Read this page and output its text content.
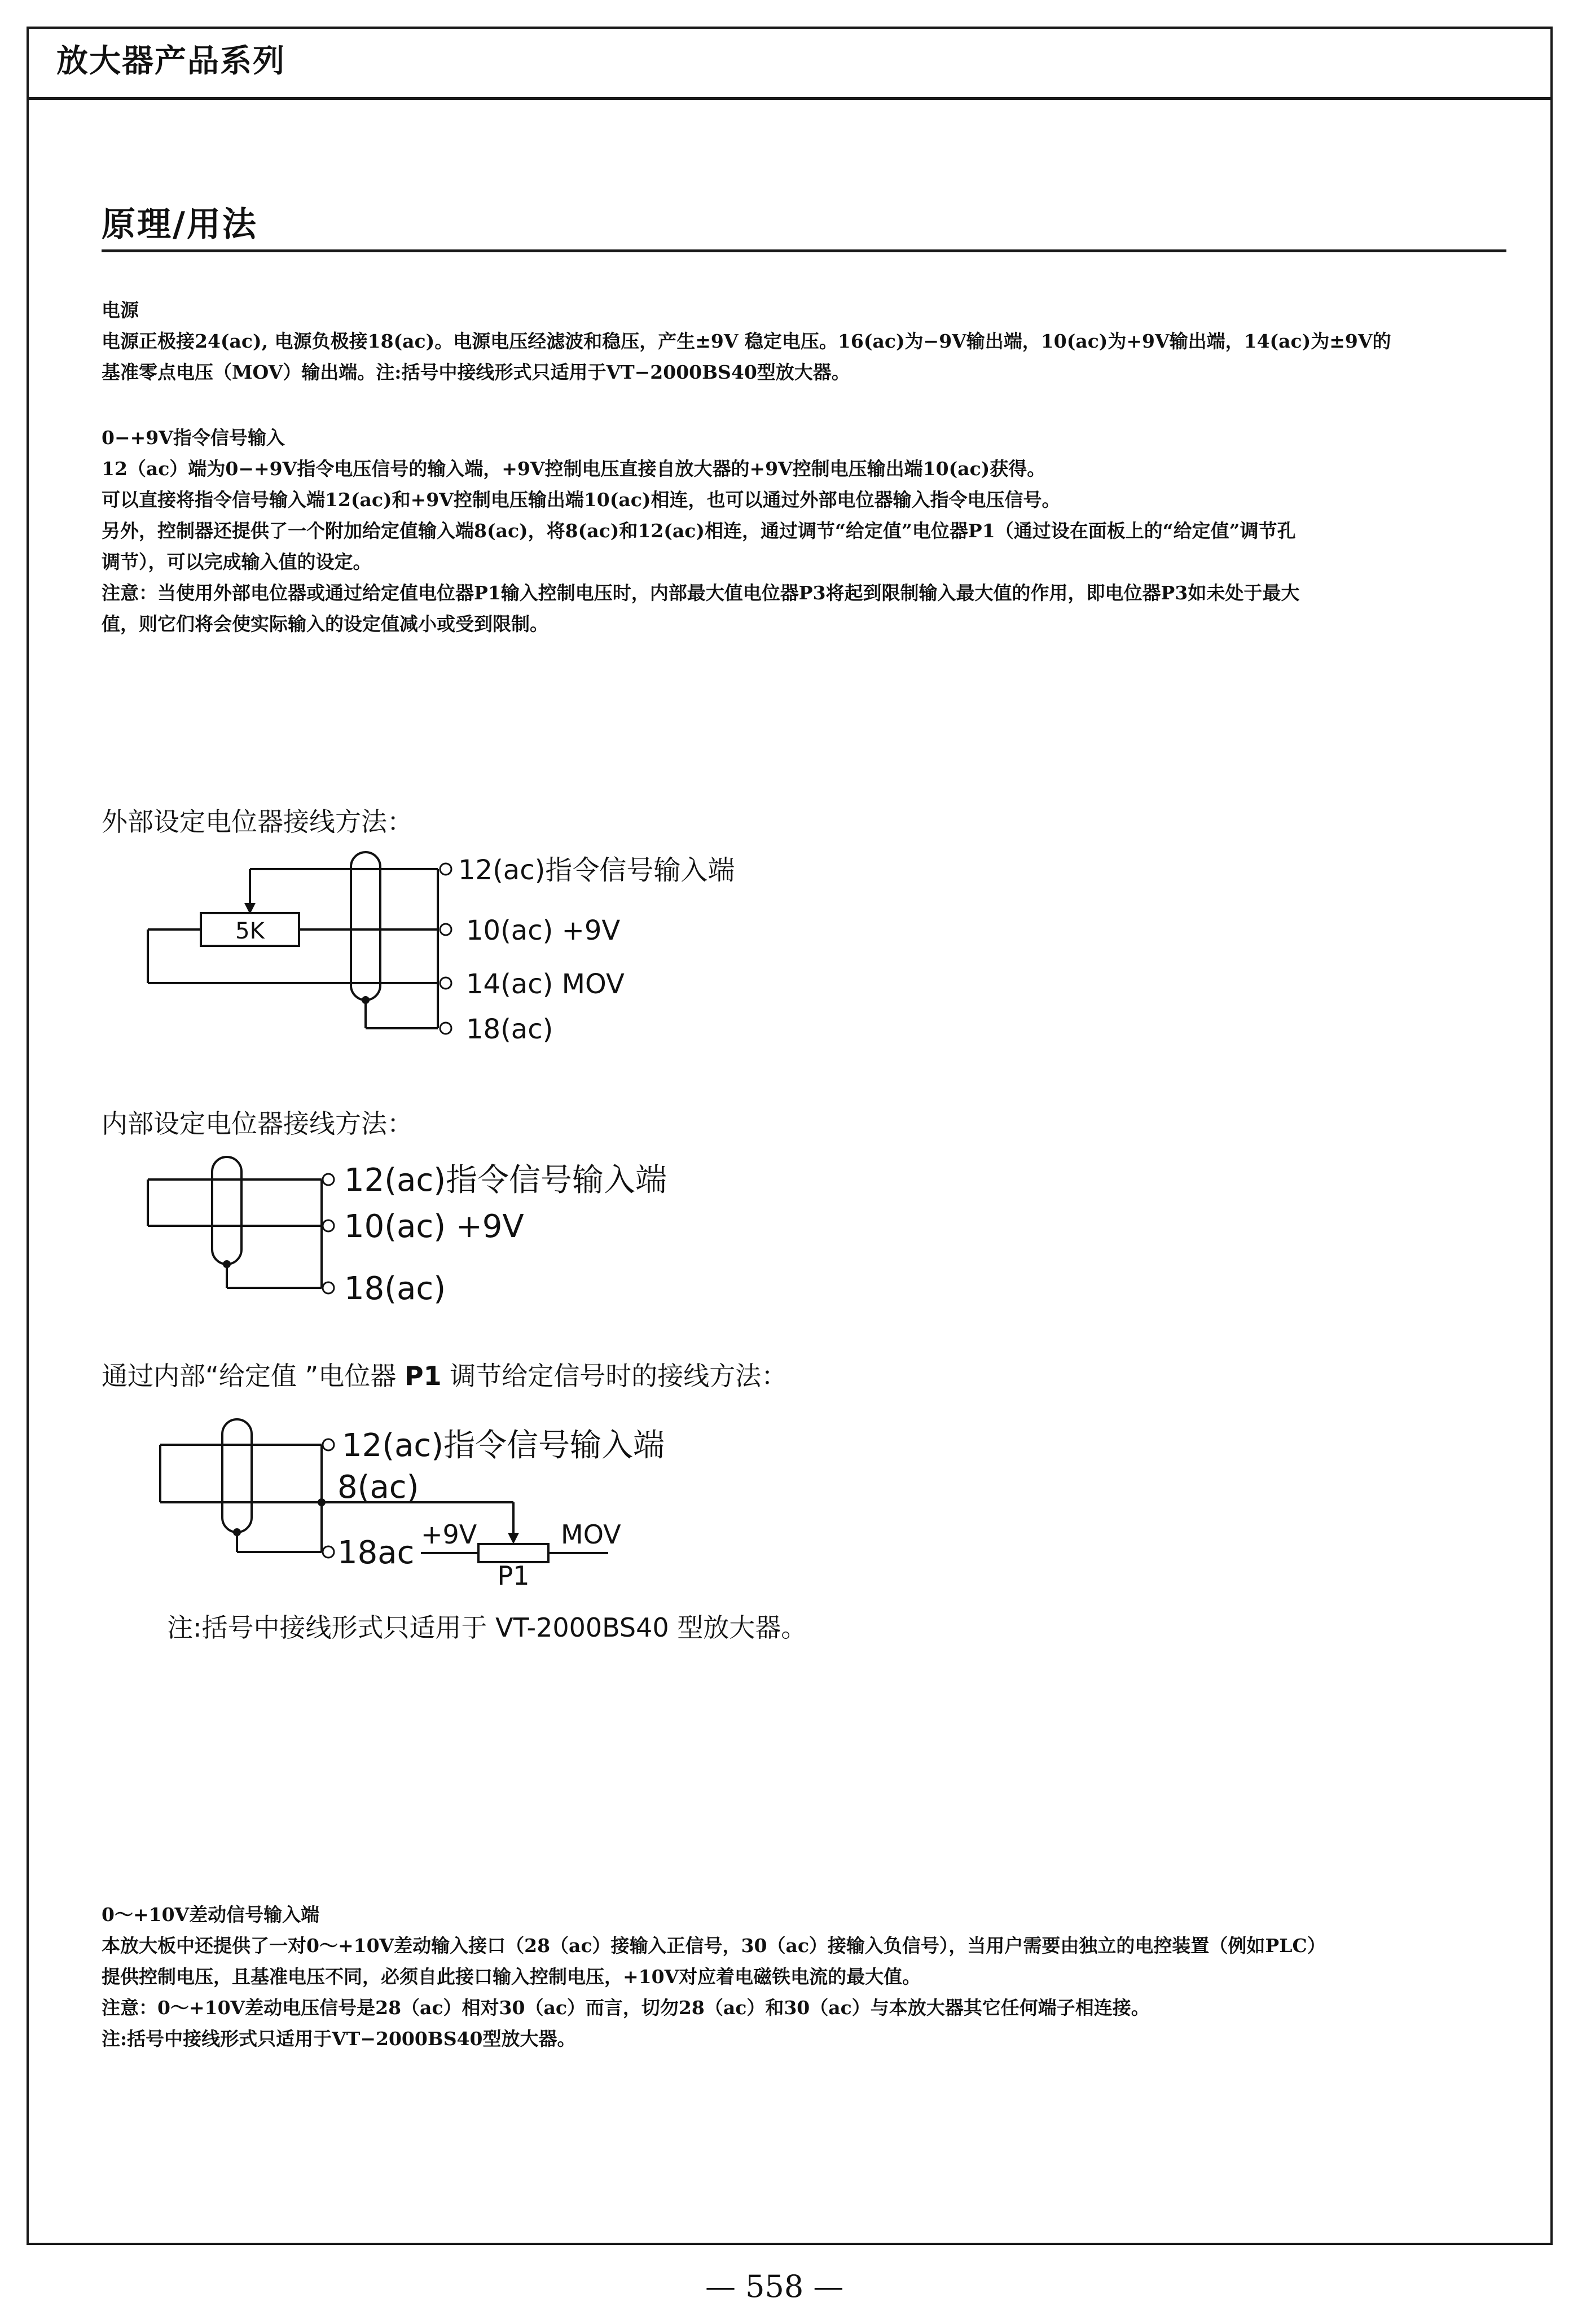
放大器产品系列
原理/用法

电源

电源正极接24(ac), 电源负极接18(ac)。电源电压经滤波和稳压，产生±9V 稳定电压。16(ac)为−9V输出端，10(ac)为+9V输出端，14(ac)为±9V的

基准零点电压（MOV）输出端。注:括号中接线形式只适用于VT−2000BS40型放大器。

0−+9V指令信号输入

12（ac）端为0−+9V指令电压信号的输入端，+9V控制电压直接自放大器的+9V控制电压输出端10(ac)获得。

可以直接将指令信号输入端12(ac)和+9V控制电压输出端10(ac)相连，也可以通过外部电位器输入指令电压信号。

另外，控制器还提供了一个附加给定值输入端8(ac)，将8(ac)和12(ac)相连，通过调节“给定值”电位器P1（通过设在面板上的“给定值”调节孔

调节），可以完成输入值的设定。

注意：当使用外部电位器或通过给定值电位器P1输入控制电压时，内部最大值电位器P3将起到限制输入最大值的作用，即电位器P3如未处于最大

值，则它们将会使实际输入的设定值减小或受到限制。

外部设定电位器接线方法：
5K
12(ac)指令信号输入端
10(ac) +9V
14(ac) MOV
18(ac)
内部设定电位器接线方法：
12(ac)指令信号输入端
10(ac) +9V
18(ac)
通过内部“给定值 ”电位器 P1 调节给定信号时的接线方法：
12(ac)指令信号输入端
8(ac)
18ac +9V	MOV
P1
注:括号中接线形式只适用于 VT-2000BS40 型放大器。

0～+10V差动信号输入端

本放大板中还提供了一对0～+10V差动输入接口（28（ac）接输入正信号，30（ac）接输入负信号），当用户需要由独立的电控装置（例如PLC）

提供控制电压，且基准电压不同，必须自此接口输入控制电压，+10V对应着电磁铁电流的最大值。

注意：0～+10V差动电压信号是28（ac）相对30（ac）而言，切勿28（ac）和30（ac）与本放大器其它任何端子相连接。

注:括号中接线形式只适用于VT−2000BS40型放大器。

— 558 —
